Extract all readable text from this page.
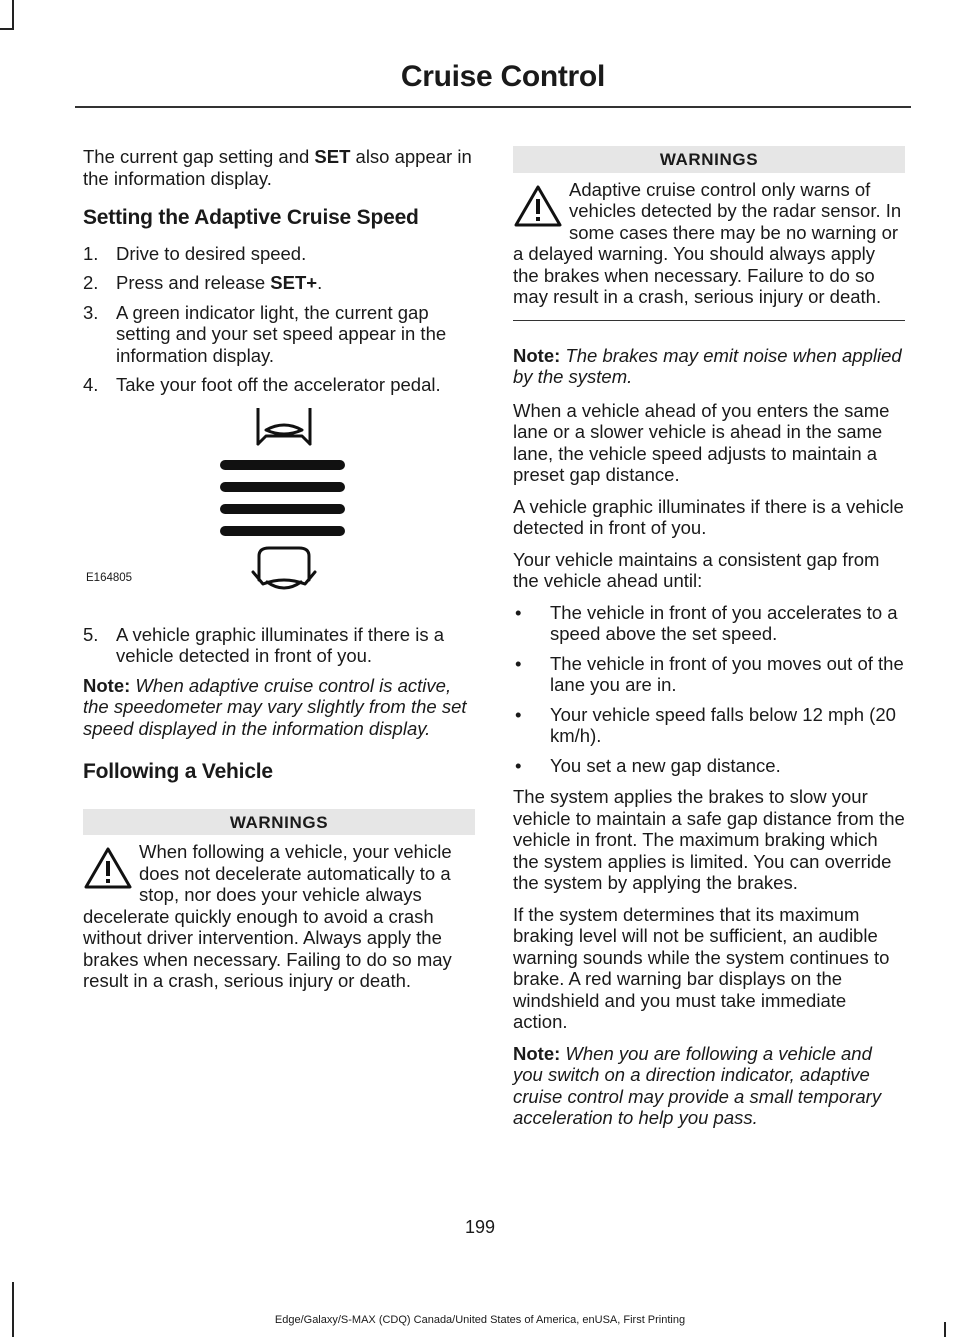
Cruise Control

The current gap setting and SET also appear in the information display.

Setting the Adaptive Cruise Speed
1. Drive to desired speed.
2. Press and release SET+.
3. A green indicator light, the current gap setting and your set speed appear in the information display.
4. Take your foot off the accelerator pedal.
E164805
5. A vehicle graphic illuminates if there is a vehicle detected in front of you.

Note: When adaptive cruise control is active, the speedometer may vary slightly from the set speed displayed in the information display.

Following a Vehicle
WARNINGS
When following a vehicle, your vehicle does not decelerate automatically to a stop, nor does your vehicle always decelerate quickly enough to avoid a crash without driver intervention. Always apply the brakes when necessary. Failing to do so may result in a crash, serious injury or death.
WARNINGS
Adaptive cruise control only warns of vehicles detected by the radar sensor. In some cases there may be no warning or a delayed warning. You should always apply the brakes when necessary. Failure to do so may result in a crash, serious injury or death.

Note: The brakes may emit noise when applied by the system.

When a vehicle ahead of you enters the same lane or a slower vehicle is ahead in the same lane, the vehicle speed adjusts to maintain a preset gap distance.

A vehicle graphic illuminates if there is a vehicle detected in front of you.

Your vehicle maintains a consistent gap from the vehicle ahead until:

•	The vehicle in front of you accelerates to a speed above the set speed.
•	The vehicle in front of you moves out of the lane you are in.
•	Your vehicle speed falls below 12 mph (20 km/h).
•	You set a new gap distance.

The system applies the brakes to slow your vehicle to maintain a safe gap distance from the vehicle in front. The maximum braking which the system applies is limited. You can override the system by applying the brakes.

If the system determines that its maximum braking level will not be sufficient, an audible warning sounds while the system continues to brake. A red warning bar displays on the windshield and you must take immediate action.

Note: When you are following a vehicle and you switch on a direction indicator, adaptive cruise control may provide a small temporary acceleration to help you pass.

199
Edge/Galaxy/S-MAX (CDQ) Canada/United States of America, enUSA, First Printing
